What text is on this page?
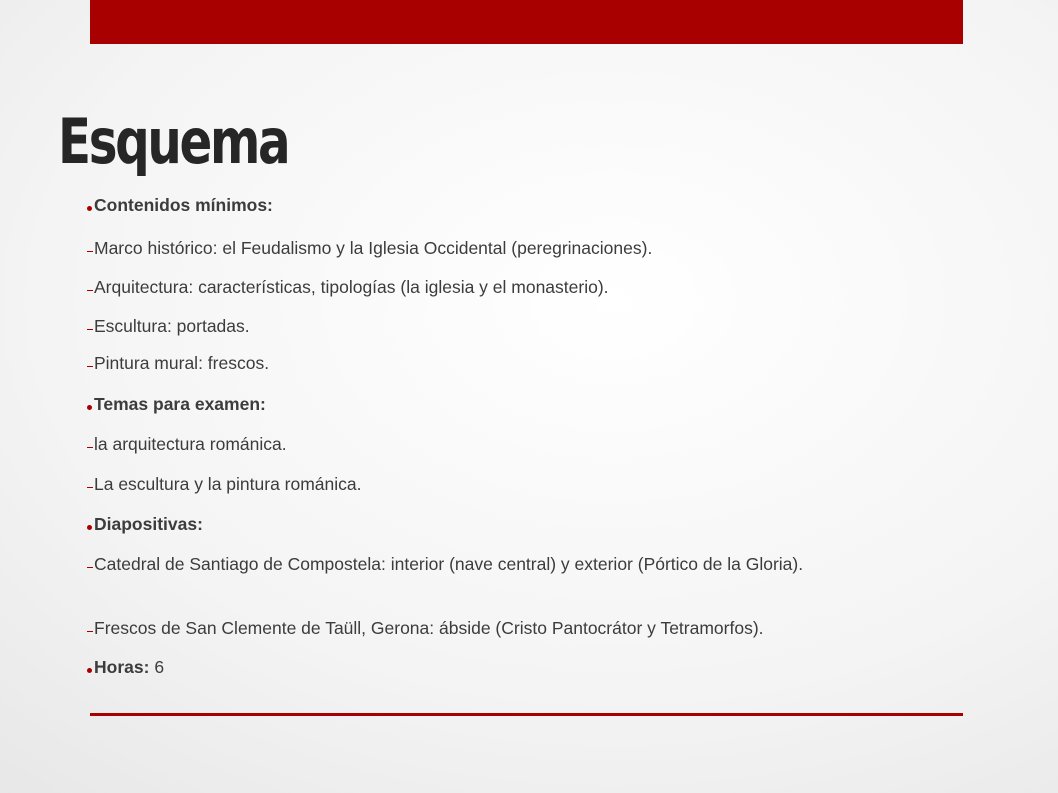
Esquema
Contenidos mínimos:
Marco histórico: el Feudalismo y la Iglesia Occidental (peregrinaciones).
Arquitectura: características, tipologías (la iglesia y el monasterio).
Escultura: portadas.
Pintura mural: frescos.
Temas para examen:
la arquitectura románica.
La escultura y la pintura románica.
Diapositivas:
Catedral de Santiago de Compostela: interior (nave central) y exterior (Pórtico de la Gloria).
Frescos de San Clemente de Taüll, Gerona: ábside (Cristo Pantocrátor y Tetramorfos).
Horas: 6
